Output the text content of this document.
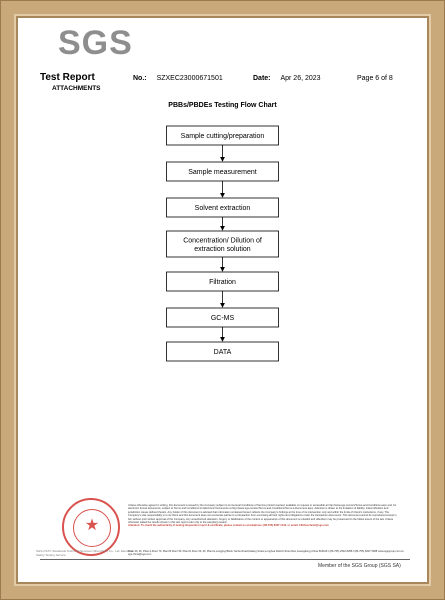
SGS
Test Report
ATTACHMENTS
No.: SZXEC23000671501	Date: Apr 26, 2023	Page 6 of 8
PBBs/PBDEs Testing Flow Chart
Sample cutting/preparation
Sample measurement
Solvent extraction
Concentration/ Dilution of
extraction solution
Filtration
GC-MS
DATA
★
Unless otherwise agreed in writing, this document is issued by the Company subject to its General Conditions of Service printed overleaf, available on request or accessible at http://www.sgs.com/en/Terms-and-Conditions.aspx and, for electronic format documents, subject to Terms and Conditions for Electronic Documents at http://www.sgs.com/en/Terms-and-Conditions/Terms-e-Document.aspx. Attention is drawn to the limitation of liability, indemnification and jurisdiction issues defined therein. Any holder of this document is advised that information contained hereon reflects the Company's findings at the time of its intervention only and within the limits of Client's instructions, if any. The Company's sole responsibility is to its Client and this document does not exonerate parties to a transaction from exercising all their rights and obligations under the transaction documents. This document cannot be reproduced except in full, without prior written approval of the Company. Any unauthorized alteration, forgery or falsification of the content or appearance of this document is unlawful and offenders may be prosecuted to the fullest extent of the law. Unless otherwise stated the results shown in this test report refer only to the sample(s) tested.
Attention: To check the authenticity of testing /inspection report & certificate, please contact us at telephone: (86-755) 8307 1443, or email: CN.Doccheck@sgs.com
SGS-CSTC Standards Technical Services (Shenzhen) Co., Ltd. Electrical Safety Testing Service
Floor 2F, 4F, Plant A,Floor 7F, Plant B,Floor 5F, Plant D,Floor 2F, 4F, Plant E,Langjing Block,Yanbu Road,Dalang Street,Longhua District,Shenzhen,Guangdong,China 518109 t (86-755) 2532 8288 f (86-755) 8307 5388 www.sgsgroup.com.cn sgs.china@sgs.com
Member of the SGS Group (SGS SA)
